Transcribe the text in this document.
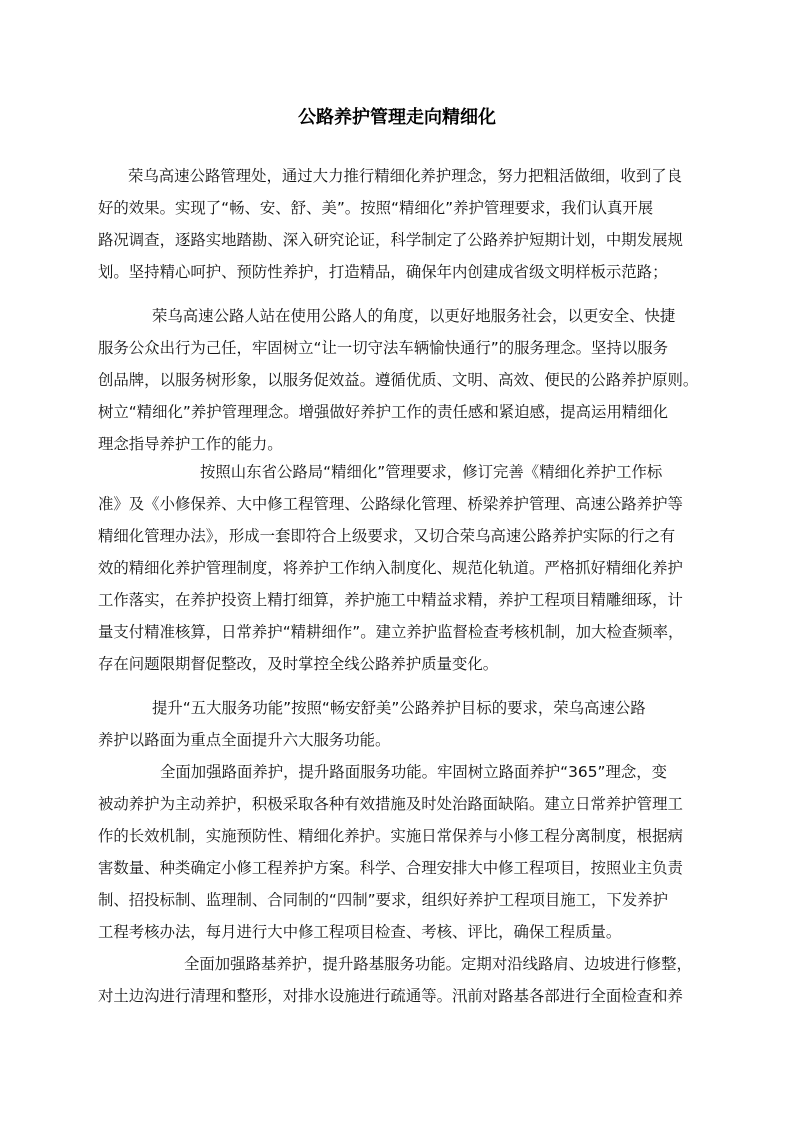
公路养护管理走向精细化

荣乌高速公路管理处，通过大力推行精细化养护理念，努力把粗活做细，收到了良
好的效果。实现了“畅、安、舒、美”。按照“精细化”养护管理要求，我们认真开展
路况调查，逐路实地踏勘、深入研究论证，科学制定了公路养护短期计划，中期发展规
划。坚持精心呵护、预防性养护，打造精品，确保年内创建成省级文明样板示范路；

荣乌高速公路人站在使用公路人的角度，以更好地服务社会，以更安全、快捷
服务公众出行为己任，牢固树立“让一切守法车辆愉快通行”的服务理念。坚持以服务
创品牌，以服务树形象，以服务促效益。遵循优质、文明、高效、便民的公路养护原则。
树立“精细化”养护管理理念。增强做好养护工作的责任感和紧迫感，提高运用精细化
理念指导养护工作的能力。

按照山东省公路局“精细化”管理要求，修订完善《精细化养护工作标
准》及《小修保养、大中修工程管理、公路绿化管理、桥梁养护管理、高速公路养护等
精细化管理办法》，形成一套即符合上级要求，又切合荣乌高速公路养护实际的行之有
效的精细化养护管理制度，将养护工作纳入制度化、规范化轨道。严格抓好精细化养护
工作落实，在养护投资上精打细算，养护施工中精益求精，养护工程项目精雕细琢，计
量支付精准核算，日常养护“精耕细作”。建立养护监督检查考核机制，加大检查频率，
存在问题限期督促整改，及时掌控全线公路养护质量变化。

提升“五大服务功能”按照“畅安舒美”公路养护目标的要求，荣乌高速公路
养护以路面为重点全面提升六大服务功能。

全面加强路面养护，提升路面服务功能。牢固树立路面养护“365”理念，变
被动养护为主动养护，积极采取各种有效措施及时处治路面缺陷。建立日常养护管理工
作的长效机制，实施预防性、精细化养护。实施日常保养与小修工程分离制度，根据病
害数量、种类确定小修工程养护方案。科学、合理安排大中修工程项目，按照业主负责
制、招投标制、监理制、合同制的“四制”要求，组织好养护工程项目施工，下发养护
工程考核办法，每月进行大中修工程项目检查、考核、评比，确保工程质量。

全面加强路基养护，提升路基服务功能。定期对沿线路肩、边坡进行修整，
对土边沟进行清理和整形，对排水设施进行疏通等。汛前对路基各部进行全面检查和养
